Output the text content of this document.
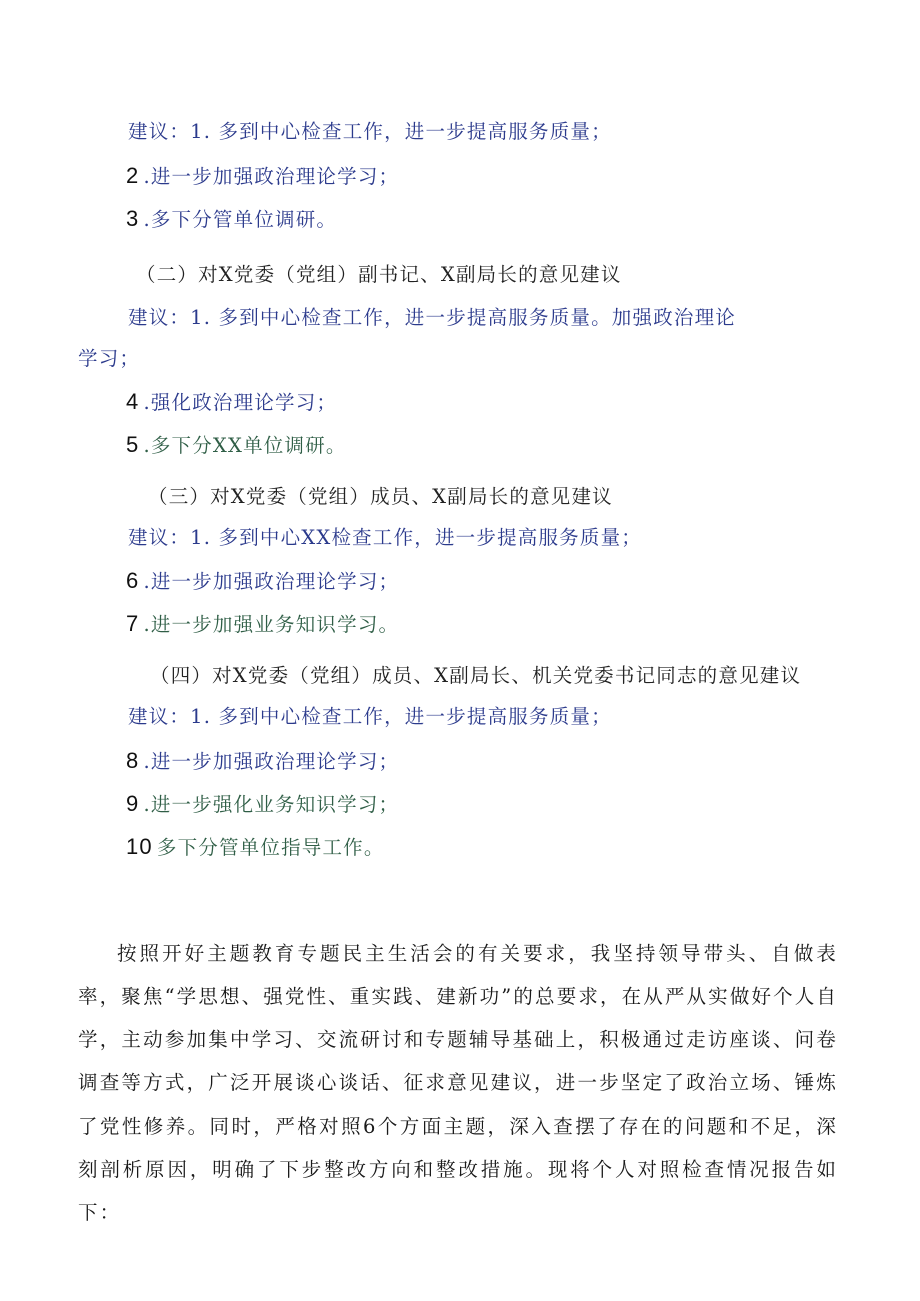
建议：1. 多到中心检查工作，进一步提高服务质量；
2 .进一步加强政治理论学习；
3 .多下分管单位调研。
（二）对X党委（党组）副书记、X副局长的意见建议
建议：1. 多到中心检查工作，进一步提高服务质量。加强政治理论
学习；
4 .强化政治理论学习；
5 .多下分XX单位调研。
（三）对X党委（党组）成员、X副局长的意见建议
建议：1. 多到中心XX检查工作，进一步提高服务质量；
6 .进一步加强政治理论学习；
7 .进一步加强业务知识学习。
（四）对X党委（党组）成员、X副局长、机关党委书记同志的意见建议
建议：1. 多到中心检查工作，进一步提高服务质量；
8 .进一步加强政治理论学习；
9 .进一步强化业务知识学习；
10 多下分管单位指导工作。

按照开好主题教育专题民主生活会的有关要求，我坚持领导带头、自做表率，聚焦“学思想、强党性、重实践、建新功”的总要求，在从严从实做好个人自学，主动参加集中学习、交流研讨和专题辅导基础上，积极通过走访座谈、问卷调查等方式，广泛开展谈心谈话、征求意见建议，进一步坚定了政治立场、锤炼了党性修养。同时，严格对照6个方面主题，深入查摆了存在的问题和不足，深刻剖析原因，明确了下步整改方向和整改措施。现将个人对照检查情况报告如下：
